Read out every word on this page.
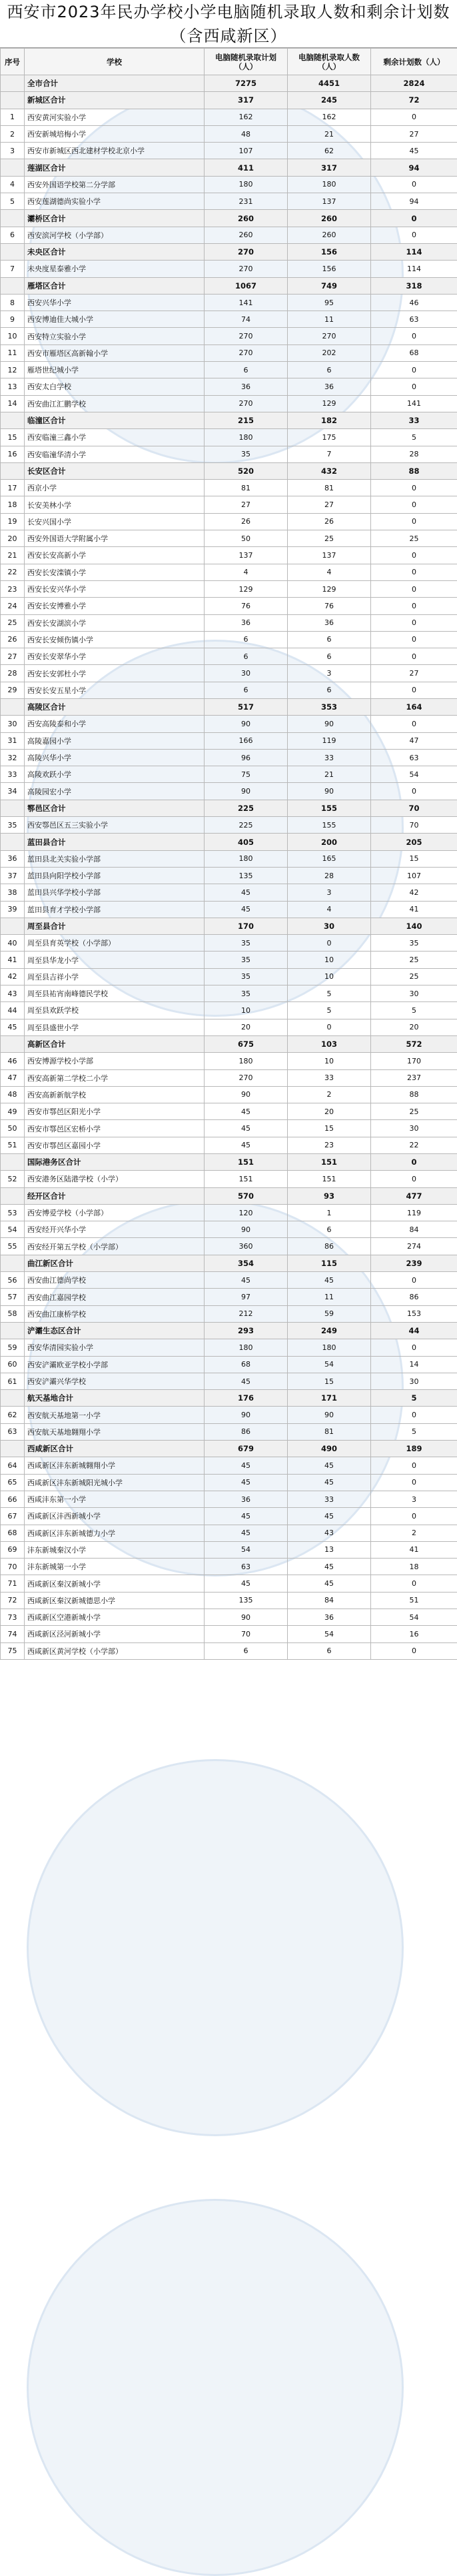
西安市2023年民办学校小学电脑随机录取人数和剩余计划数
（含西咸新区）
序号	学校	电脑随机录取计划（人）	电脑随机录取人数（人）	剩余计划数（人）
	全市合计	7275	4451	2824
	新城区合计	317	245	72
1	西安黄河实验小学	162	162	0
2	西安新城培梅小学	48	21	27
3	西安市新城区西北建材学校北京小学	107	62	45
	莲湖区合计	411	317	94
4	西安外国语学校第二分学部	180	180	0
5	西安莲湖德尚实验小学	231	137	94
	灞桥区合计	260	260	0
6	西安滨河学校（小学部）	260	260	0
	未央区合计	270	156	114
7	未央度星泰雅小学	270	156	114
	雁塔区合计	1067	749	318
8	西安兴华小学	141	95	46
9	西安博迪佳大城小学	74	11	63
10	西安特立实验小学	270	270	0
11	西安市雁塔区高新翰小学	270	202	68
12	雁塔世纪城小学	6	6	0
13	西安太白学校	36	36	0
14	西安曲江汇鹏学校	270	129	141
	临潼区合计	215	182	33
15	西安临潼三鑫小学	180	175	5
16	西安临潼华清小学	35	7	28
	长安区合计	520	432	88
17	西京小学	81	81	0
18	长安美林小学	27	27	0
19	长安兴国小学	26	26	0
20	西安外国语大学附属小学	50	25	25
21	西安长安高新小学	137	137	0
22	西安长安滦镇小学	4	4	0
23	西安长安兴华小学	129	129	0
24	西安长安博雅小学	76	76	0
25	西安长安湖滨小学	36	36	0
26	西安长安倾伤镇小学	6	6	0
27	西安长安翠华小学	6	6	0
28	西安长安郭杜小学	30	3	27
29	西安长安五星小学	6	6	0
	高陵区合计	517	353	164
30	西安高陵泰和小学	90	90	0
31	高陵嘉园小学	166	119	47
32	高陵兴华小学	96	33	63
33	高陵欢跃小学	75	21	54
34	高陵园宏小学	90	90	0
	鄠邑区合计	225	155	70
35	西安鄠邑区五三实验小学	225	155	70
	蓝田县合计	405	200	205
36	蓝田县北关实验小学部	180	165	15
37	蓝田县向阳学校小学部	135	28	107
38	蓝田县兴华学校小学部	45	3	42
39	蓝田县育才学校小学部	45	4	41
	周至县合计	170	30	140
40	周至县育英学校（小学部）	35	0	35
41	周至县华龙小学	35	10	25
42	周至县吉祥小学	35	10	25
43	周至县祐宵南峰德民学校	35	5	30
44	周至县欢跃学校	10	5	5
45	周至县盛世小学	20	0	20
	高新区合计	675	103	572
46	西安博源学校小学部	180	10	170
47	西安高新第二学校二小学	270	33	237
48	西安高新新航学校	90	2	88
49	西安市鄠邑区阳光小学	45	20	25
50	西安市鄠邑区宏桥小学	45	15	30
51	西安市鄠邑区嘉园小学	45	23	22
	国际港务区合计	151	151	0
52	西安港务区陆港学校（小学）	151	151	0
	经开区合计	570	93	477
53	西安博爱学校（小学部）	120	1	119
54	西安经开兴华小学	90	6	84
55	西安经开第五学校（小学部）	360	86	274
	曲江新区合计	354	115	239
56	西安曲江德尚学校	45	45	0
57	西安曲江嘉园学校	97	11	86
58	西安曲江康桥学校	212	59	153
	浐灞生态区合计	293	249	44
59	西安华清园实验小学	180	180	0
60	西安浐灞欧亚学校小学部	68	54	14
61	西安浐灞兴华学校	45	15	30
	航天基地合计	176	171	5
62	西安航天基地第一小学	90	90	0
63	西安航天基地翱翔小学	86	81	5
	西咸新区合计	679	490	189
64	西咸新区沣东新城翱翔小学	45	45	0
65	西咸新区沣东新城阳光城小学	45	45	0
66	西咸沣东第一小学	36	33	3
67	西咸新区沣西新城小学	45	45	0
68	西咸新区沣东新城德力小学	45	43	2
69	沣东新城秦汉小学	54	13	41
70	沣东新城第一小学	63	45	18
71	西咸新区秦汉新城小学	45	45	0
72	西咸新区秦汉新城德思小学	135	84	51
73	西咸新区空港新城小学	90	36	54
74	西咸新区泾河新城小学	70	54	16
75	西咸新区黄河学校（小学部）	6	6	0
